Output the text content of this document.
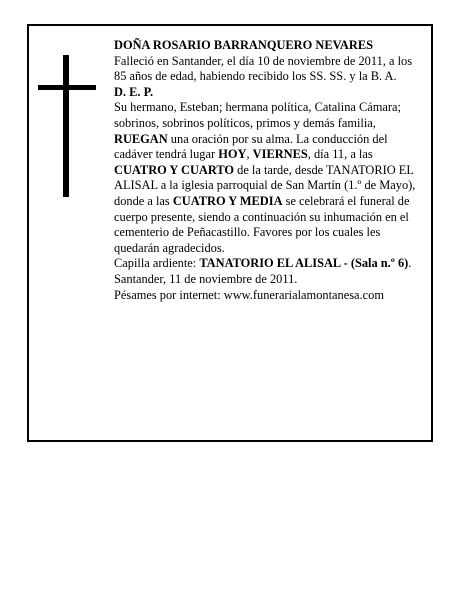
DOÑA ROSARIO BARRANQUERO NEVARES

Falleció en Santander, el día 10 de noviembre de 2011, a los 85 años de edad, habiendo recibido los SS. SS. y la B. A.

D. E. P.

Su hermano, Esteban; hermana política, Catalina Cámara; sobrinos, sobrinos políticos, primos y demás familia,

RUEGAN una oración por su alma. La conducción del cadáver tendrá lugar HOY, VIERNES, día 11, a las CUATRO Y CUARTO de la tarde, desde TANATORIO EL ALISAL a la iglesia parroquial de San Martín (1.º de Mayo), donde a las CUATRO Y MEDIA se celebrará el funeral de cuerpo presente, siendo a continuación su inhumación en el cementerio de Peñacastillo. Favores por los cuales les quedarán agradecidos.

Capilla ardiente: TANATORIO EL ALISAL - (Sala n.º 6).

Santander, 11 de noviembre de 2011.

Pésames por internet: www.funerarialamontanesa.com
